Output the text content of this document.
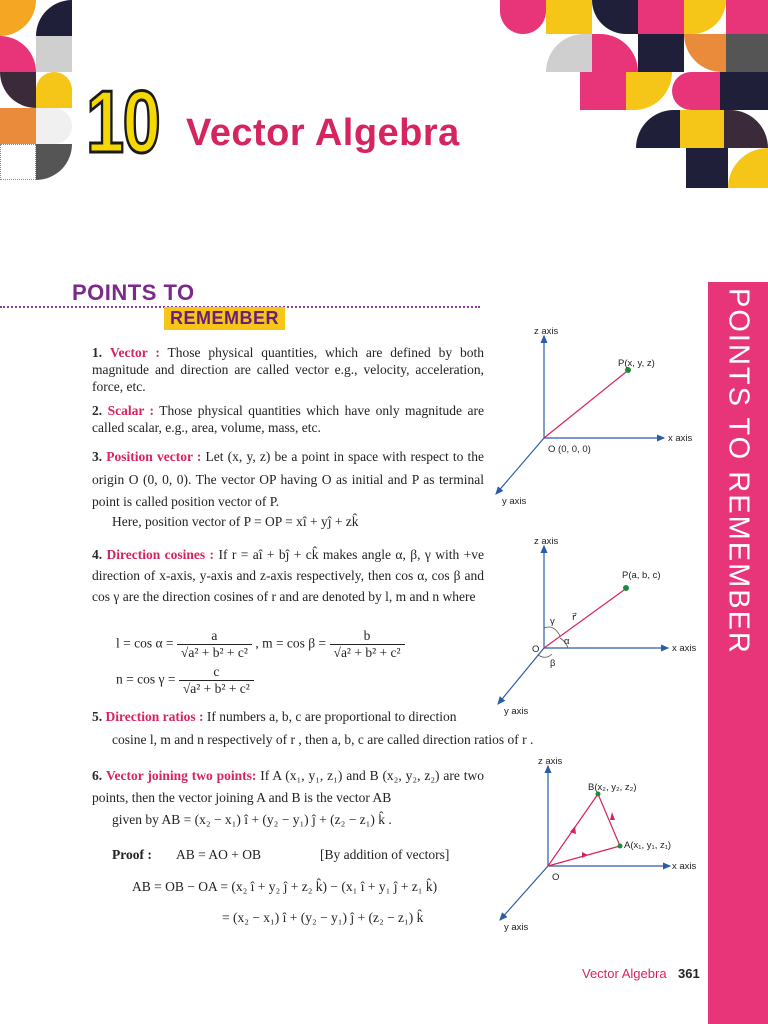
10 Vector Algebra
POINTS TO
REMEMBER	POINTS TO REMEMBER
1. Vector : Those physical quantities, which are defined by both magnitude and direction are called vector e.g., velocity, acceleration, force, etc.
2. Scalar : Those physical quantities which have only magnitude are called scalar, e.g., area, volume, mass, etc.
3. Position vector : Let (x, y, z) be a point in space with respect to the origin O (0, 0, 0). The vector OP having O as initial and P as terminal point is called position vector of P.
Here, position vector of P = OP = xî + yĵ + zk̂
4. Direction cosines : If r = aî + bĵ + ck̂ makes angle α, β, γ with +ve direction of x-axis, y-axis and z-axis respectively, then cos α, cos β and cos γ are the direction cosines of r and are denoted by l, m and n where
$l = \cos \alpha = \frac{a}{\text{√a² + b² + c²}}$ , $m = \cos \beta = \frac{b}{\text{√a² + b² + c²}}$
$n = \cos \gamma = \frac{c}{\text{√a² + b² + c²}}$
5. Direction ratios : If numbers a, b, c are proportional to direction
cosine l, m and n respectively of r , then a, b, c are called direction ratios of r .
6. Vector joining two points: If A (x₁, y₁, z₁) and B (x₂, y₂, z₂) are two points, then the vector joining A and B is the vector AB
given by AB = (x₂ − x₁) î + (y₂ − y₁) ĵ + (z₂ − z₁) k̂ .
Proof : AB = AO + OB	[By addition of vectors]
AB = OB − OA = (x₂ î + y₂ ĵ + z₂ k̂) − (x₁ î + y₁ ĵ + z₁ k̂)
= (x₂ − x₁) î + (y₂ − y₁) ĵ + (z₂ − z₁) k̂
z axis
x axis
y axis
O (0, 0, 0)
P(x, y, z)
z axis
x axis
y axis
O
P(a, b, c)
α
β
γ r⃗
z axis
x axis
y axis
O
B(x₂, y₂, z₂)
A(x₁, y₁, z₁)
Vector Algebra 361
